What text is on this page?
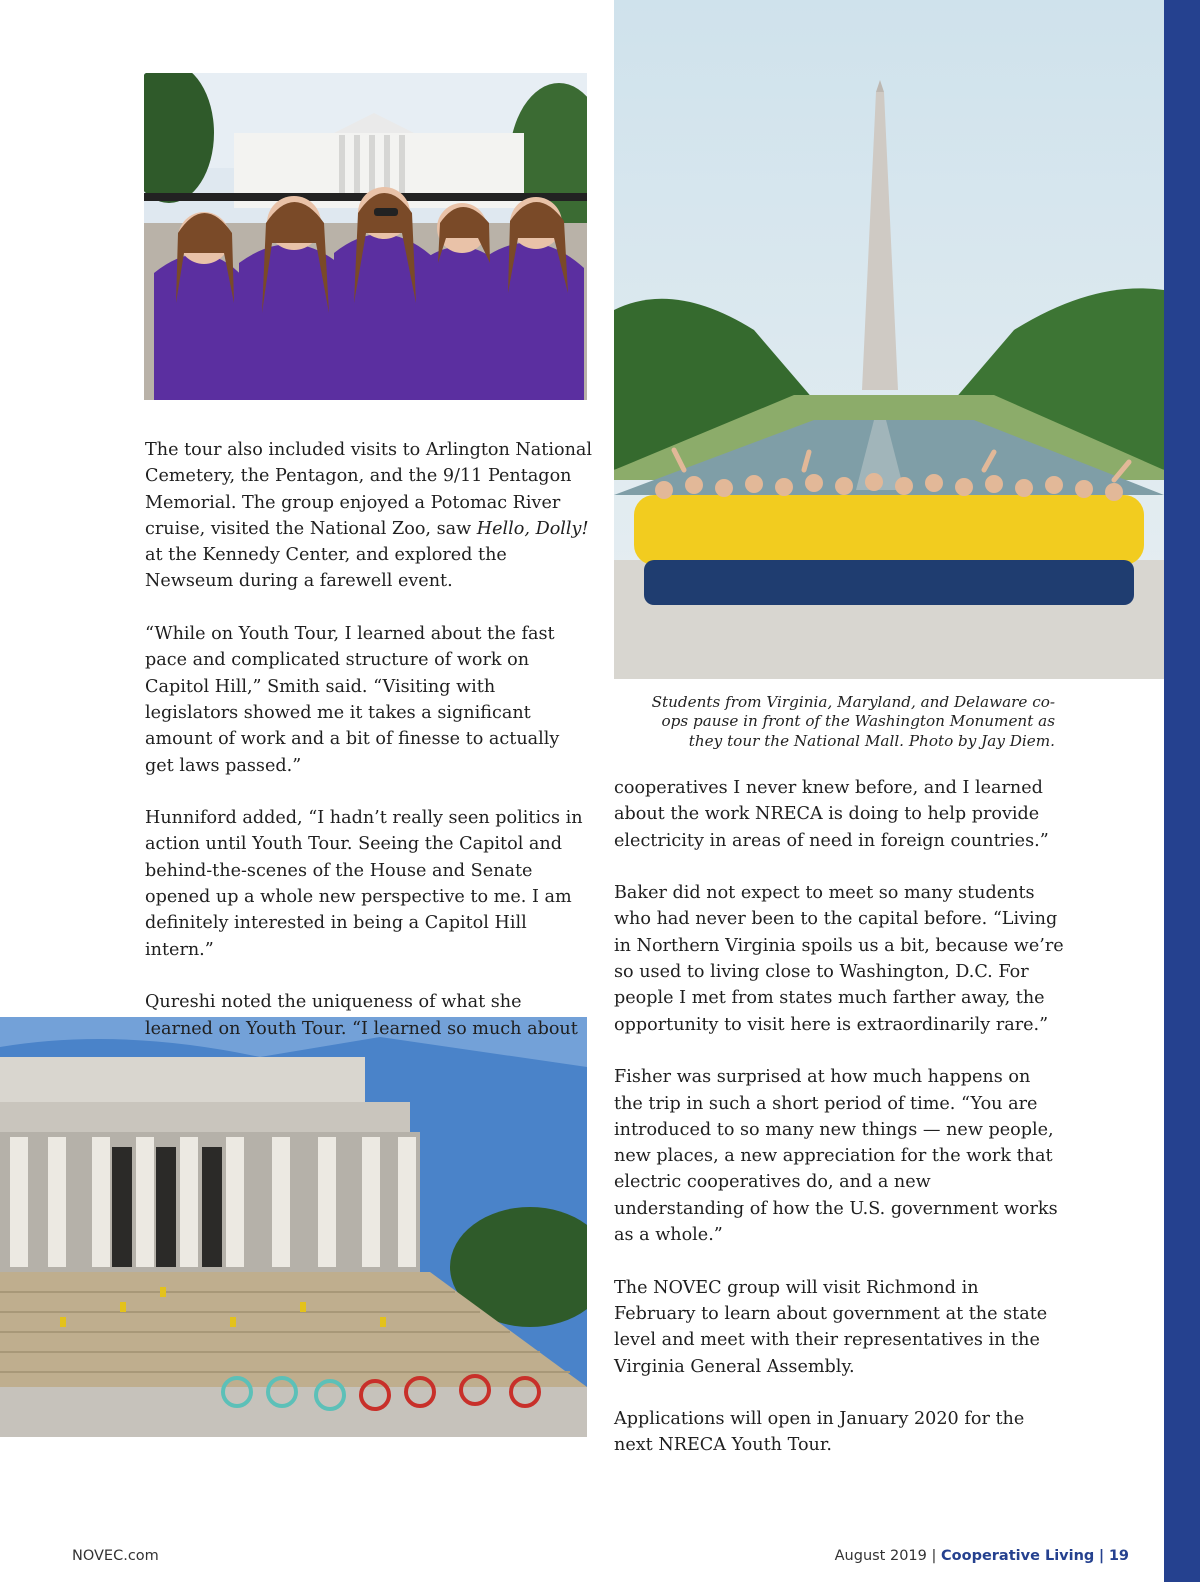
Students from Virginia, Maryland, and Delaware co-ops pause in front of the Washington Monument as they tour the National Mall. Photo by Jay Diem.

The tour also included visits to Arlington National Cemetery, the Pentagon, and the 9/11 Pentagon Memorial. The group enjoyed a Potomac River cruise, visited the National Zoo, saw Hello, Dolly! at the Kennedy Center, and explored the Newseum during a farewell event.

“While on Youth Tour, I learned about the fast pace and complicated structure of work on Capitol Hill,” Smith said. “Visiting with legislators showed me it takes a significant amount of work and a bit of finesse to actually get laws passed.”

Hunniford added, “I hadn’t really seen politics in action until Youth Tour. Seeing the Capitol and behind-the-scenes of the House and Senate opened up a whole new perspective to me. I am definitely interested in being a Capitol Hill intern.”

Qureshi noted the uniqueness of what she learned on Youth Tour. “I learned so much about

cooperatives I never knew before, and I learned about the work NRECA is doing to help provide electricity in areas of need in foreign countries.”

Baker did not expect to meet so many students who had never been to the capital before. “Living in Northern Virginia spoils us a bit, because we’re so used to living close to Washington, D.C. For people I met from states much farther away, the opportunity to visit here is extraordinarily rare.”

Fisher was surprised at how much happens on the trip in such a short period of time. “You are introduced to so many new things — new people, new places, a new appreciation for the work that electric cooperatives do, and a new understanding of how the U.S. government works as a whole.”

The NOVEC group will visit Richmond in February to learn about government at the state level and meet with their representatives in the Virginia General Assembly.

Applications will open in January 2020 for the next NRECA Youth Tour.

NOVEC.com	August 2019 | Cooperative Living | 19
